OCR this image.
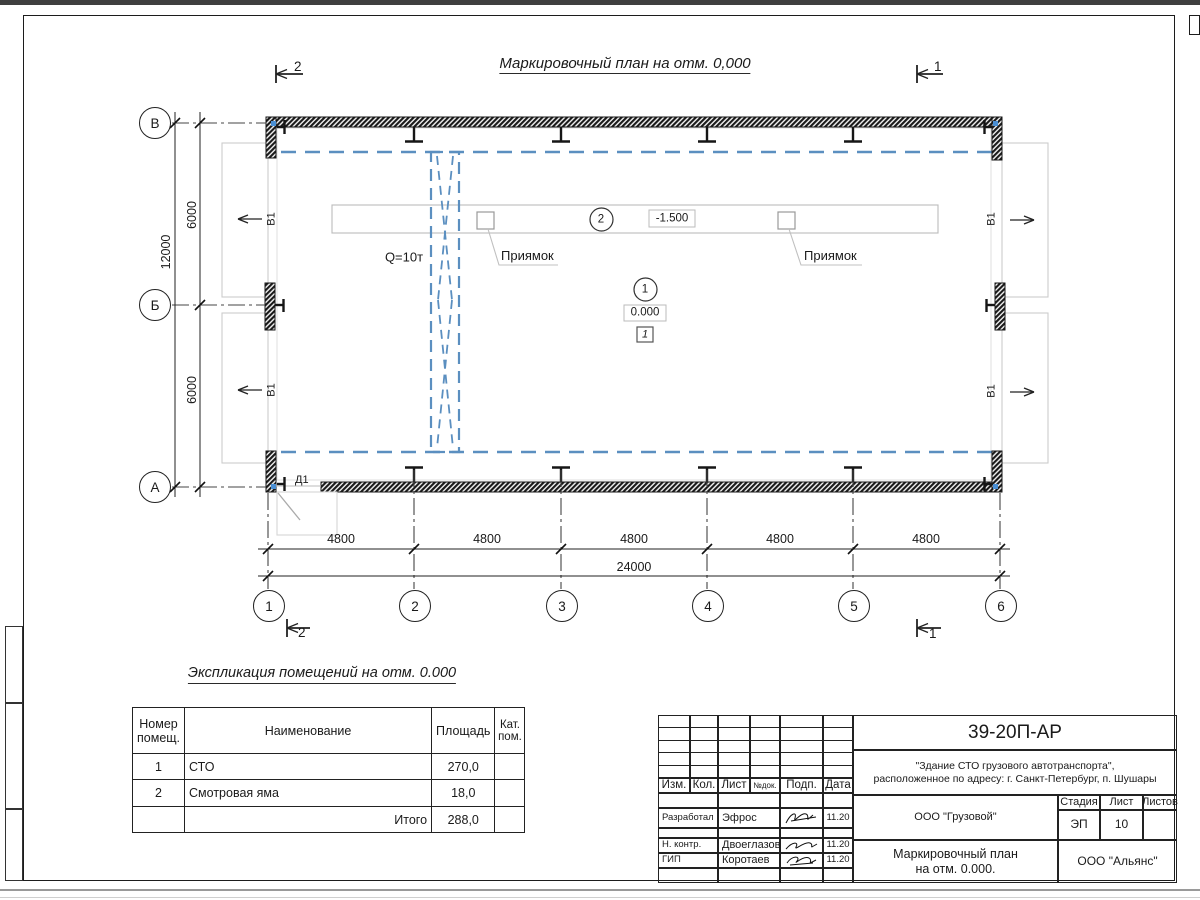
Маркировочный план на отм. 0,000
Q=10т	Приямок	Приямок
2	-1.500
1
0.000
1
Д1
В1
В1
В1
В1
2	1
2	1
6000
6000
12000
4800	4800	4800	4800	4800
24000
В
Б
А
1	2	3	4	5	6
Экспликация помещений на отм. 0.000
Номер помещ.	Наименование	Площадь	Кат. пом.
1	СТО	270,0	
2	Смотровая яма	18,0	
	Итого	288,0	
Изм. Кол. Лист №док. Подп. Дата
Разработал Эфрос	11.20
Н. контр.	Двоеглазов	11.20
ГИП	Коротаев	11.20
39-20П-АР
"Здание СТО грузового автотранспорта",
расположенное по адресу: г. Санкт-Петербург, п. Шушары
ООО "Грузовой"
Стадия	Лист Листов
ЭП	10
Маркировочный план
на отм. 0.000.
ООО "Альянс"
